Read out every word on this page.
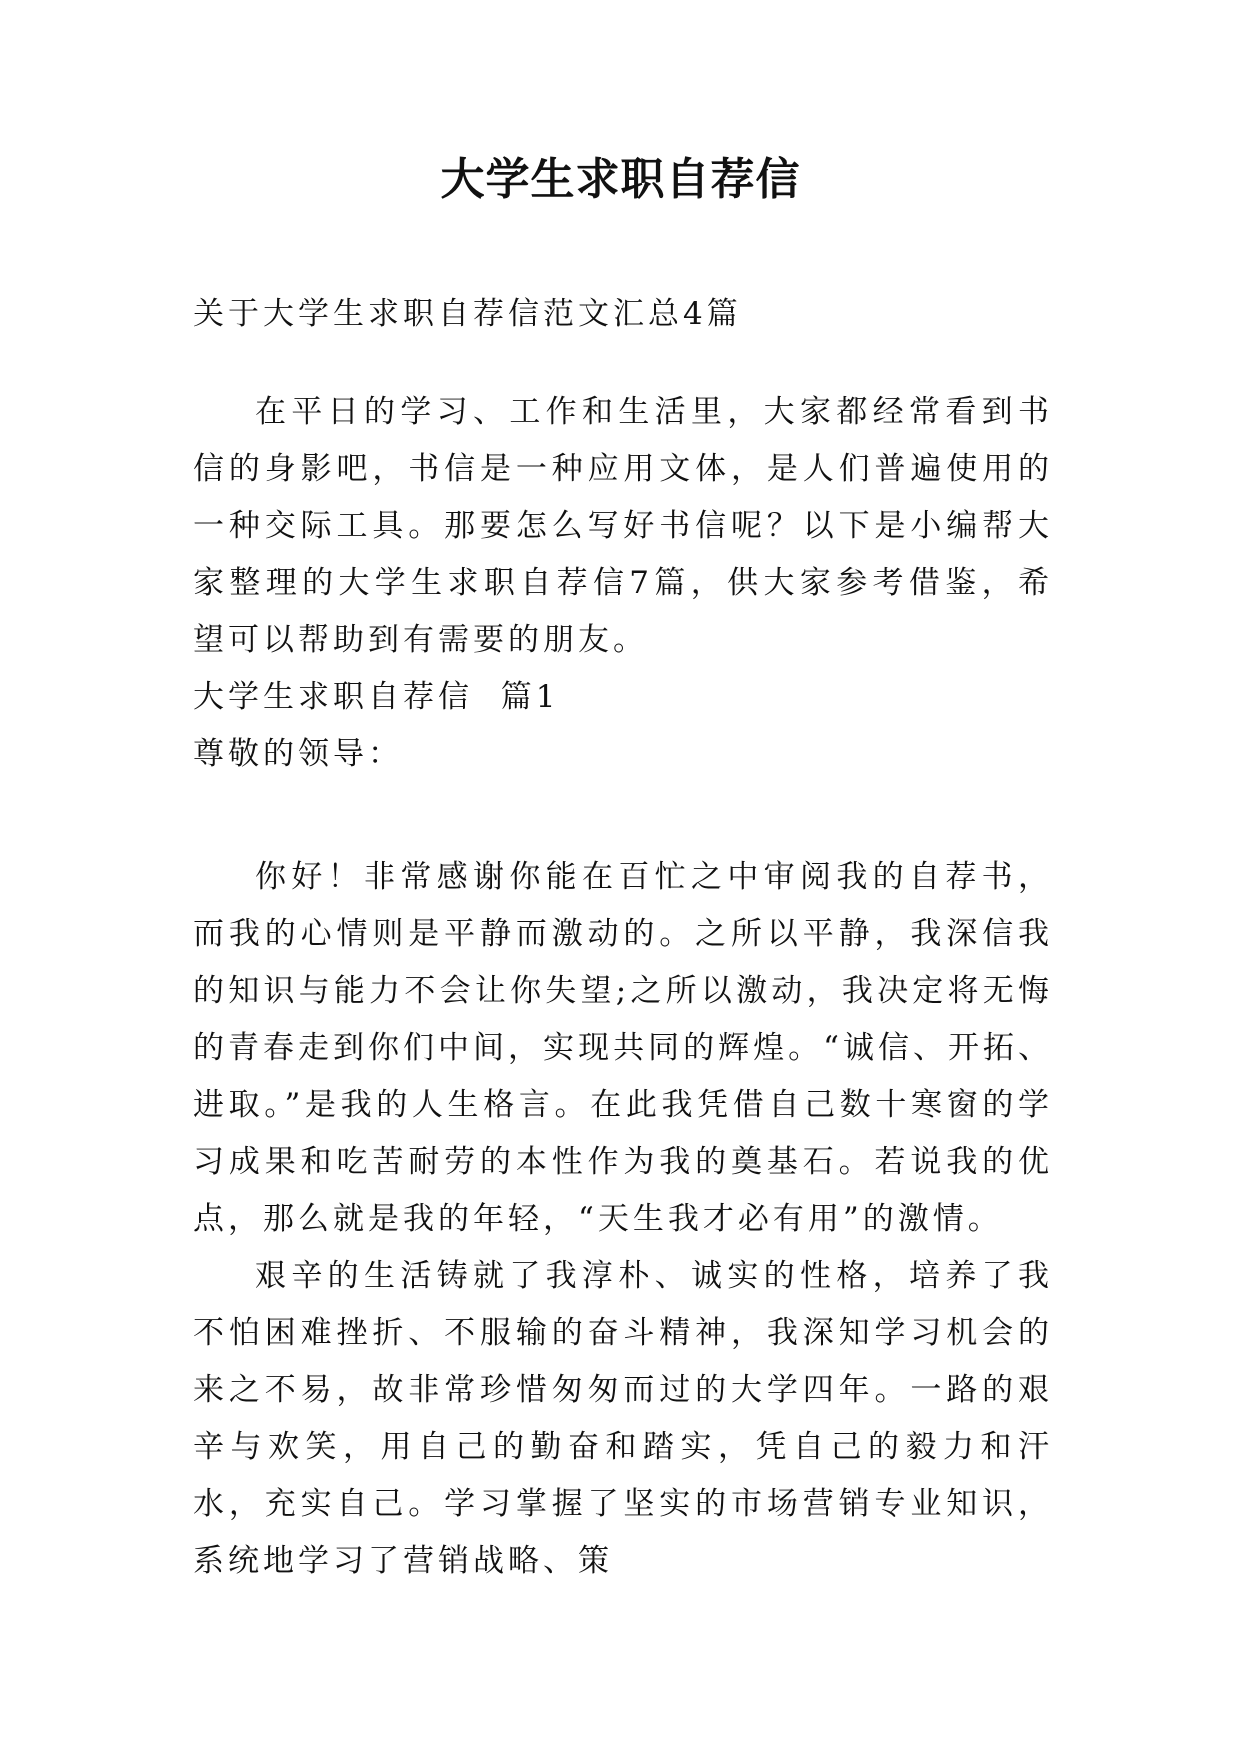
大学生求职自荐信

关于大学生求职自荐信范文汇总4篇

在平日的学习、工作和生活里，大家都经常看到书信的身影吧，书信是一种应用文体，是人们普遍使用的一种交际工具。那要怎么写好书信呢？以下是小编帮大家整理的大学生求职自荐信7篇，供大家参考借鉴，希望可以帮助到有需要的朋友。

大学生求职自荐信  篇1

尊敬的领导：

你好！非常感谢你能在百忙之中审阅我的自荐书，而我的心情则是平静而激动的。之所以平静，我深信我的知识与能力不会让你失望;之所以激动，我决定将无悔的青春走到你们中间，实现共同的辉煌。“诚信、开拓、进取。”是我的人生格言。在此我凭借自己数十寒窗的学习成果和吃苦耐劳的本性作为我的奠基石。若说我的优点，那么就是我的年轻，“天生我才必有用”的激情。

艰辛的生活铸就了我淳朴、诚实的性格，培养了我不怕困难挫折、不服输的奋斗精神，我深知学习机会的来之不易，故非常珍惜匆匆而过的大学四年。一路的艰辛与欢笑，用自己的勤奋和踏实，凭自己的毅力和汗水，充实自己。学习掌握了坚实的市场营销专业知识，系统地学习了营销战略、策
